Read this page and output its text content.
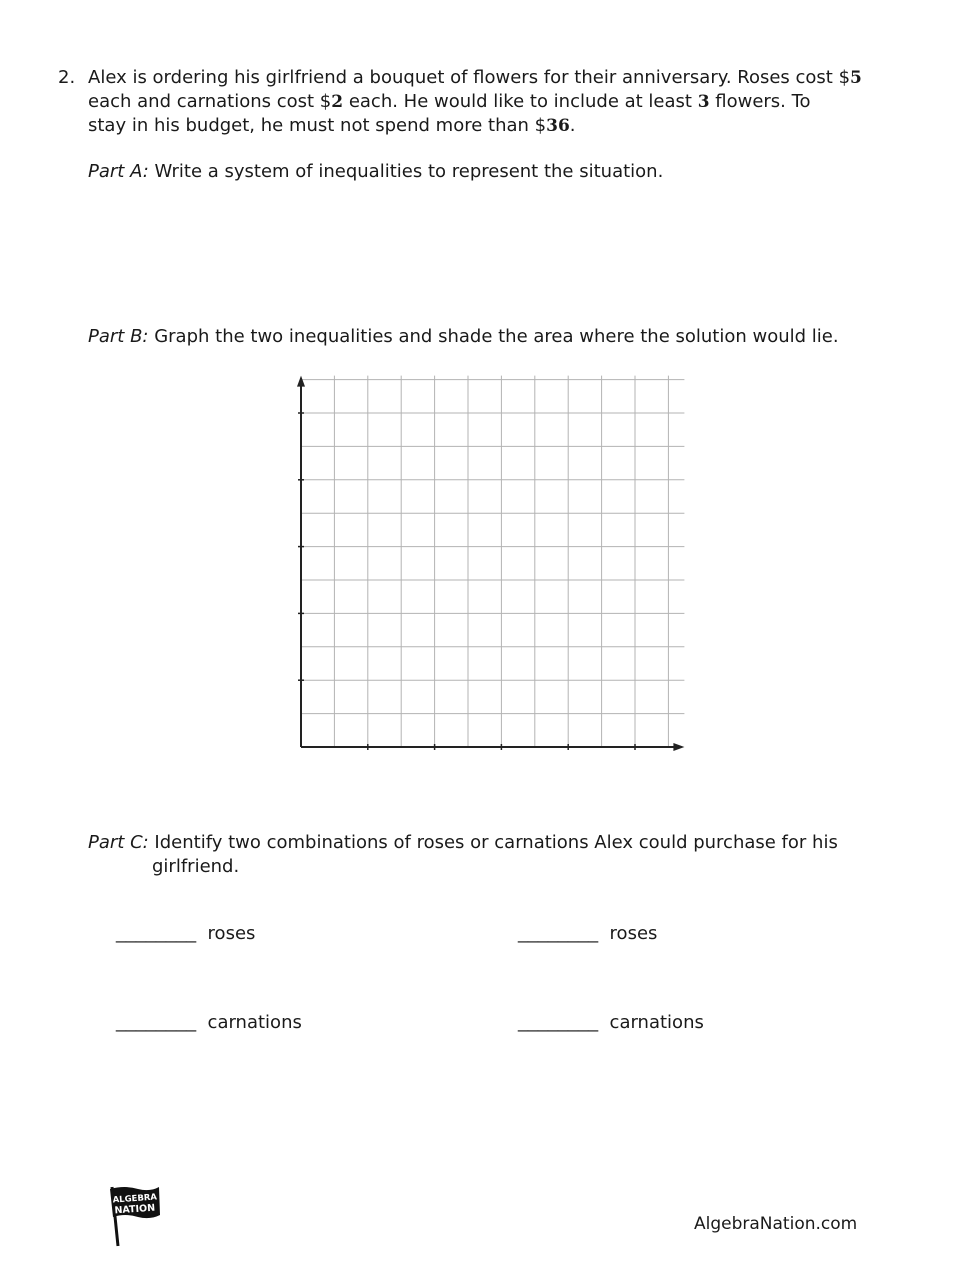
2. Alex is ordering his girlfriend a bouquet of flowers for their anniversary. Roses cost $5
each and carnations cost $2 each. He would like to include at least 3 flowers. To
stay in his budget, he must not spend more than $36.
Part A: Write a system of inequalities to represent the situation.
Part B: Graph the two inequalities and shade the area where the solution would lie.
Part C: Identify two combinations of roses or carnations Alex could purchase for his
girlfriend.
________ roses	________ roses
________ carnations	________ carnations
ALGEBRA
NATION
AlgebraNation.com
